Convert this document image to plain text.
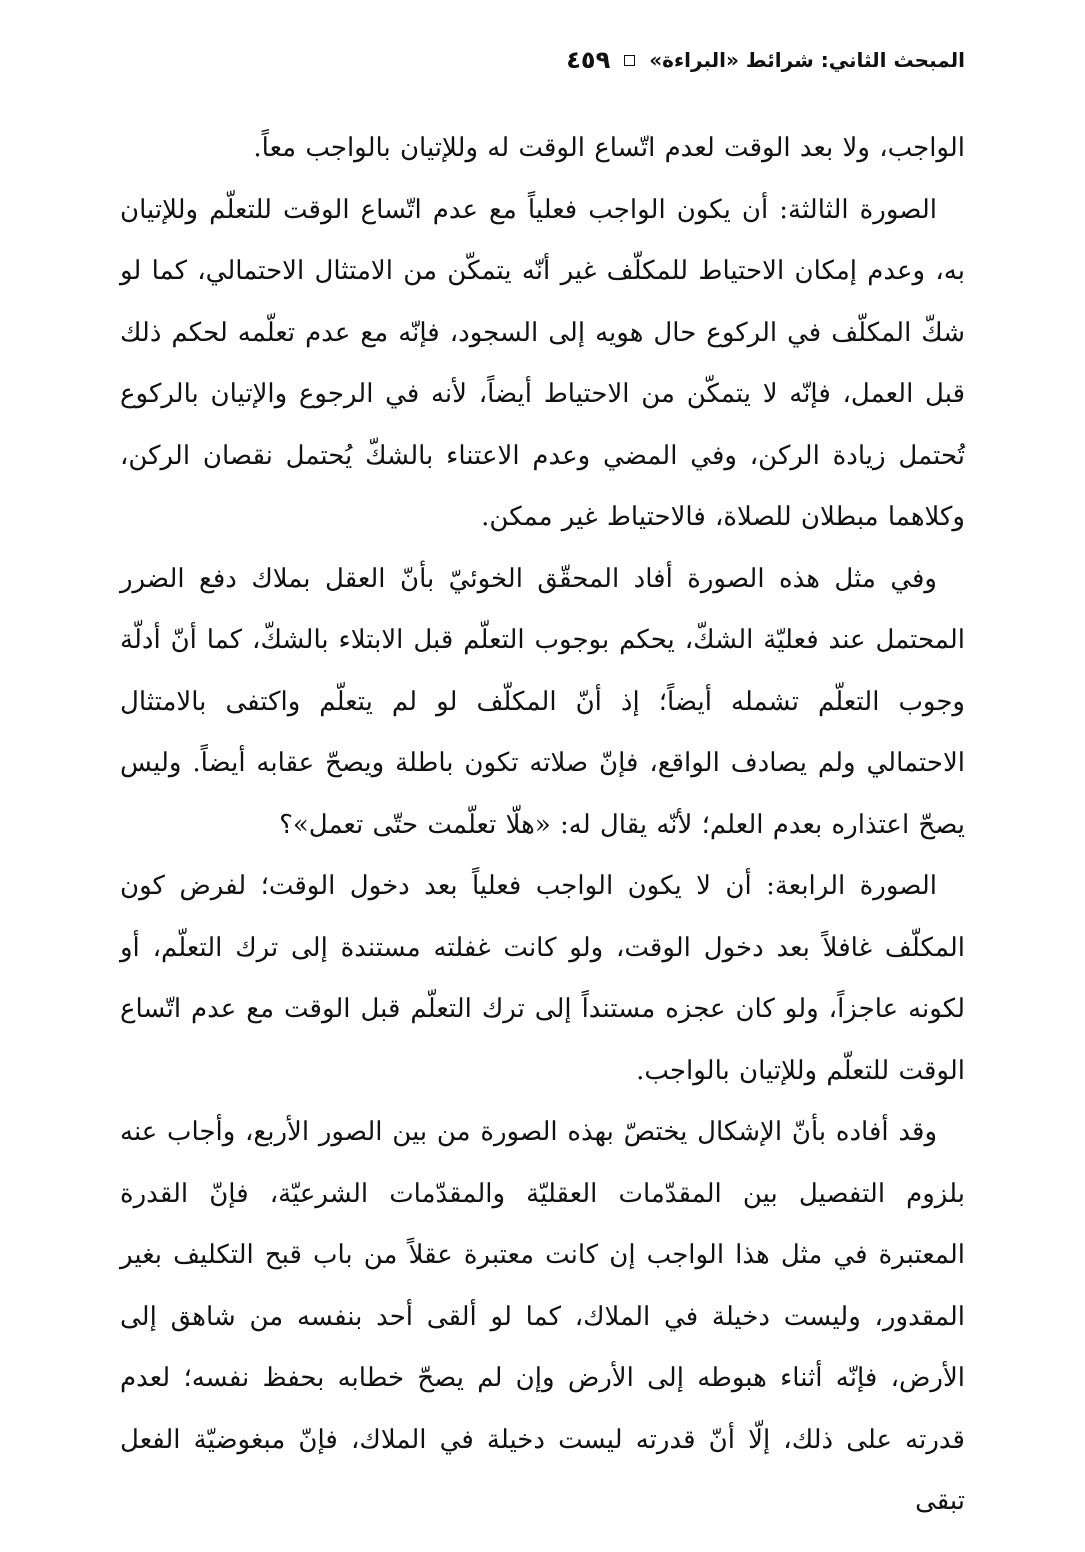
المبحث الثاني: شرائط «البراءة»
٤٥٩

الواجب، ولا بعد الوقت لعدم اتّساع الوقت له وللإتيان بالواجب معاً.

الصورة الثالثة: أن يكون الواجب فعلياً مع عدم اتّساع الوقت للتعلّم وللإتيان به، وعدم إمكان الاحتياط للمكلّف غير أنّه يتمكّن من الامتثال الاحتمالي، كما لو شكّ المكلّف في الركوع حال هويه إلى السجود، فإنّه مع عدم تعلّمه لحكم ذلك قبل العمل، فإنّه لا يتمكّن من الاحتياط أيضاً، لأنه في الرجوع والإتيان بالركوع تُحتمل زيادة الركن، وفي المضي وعدم الاعتناء بالشكّ يُحتمل نقصان الركن، وكلاهما مبطلان للصلاة، فالاحتياط غير ممكن.

وفي مثل هذه الصورة أفاد المحقّق الخوئيّ بأنّ العقل بملاك دفع الضرر المحتمل عند فعليّة الشكّ، يحكم بوجوب التعلّم قبل الابتلاء بالشكّ، كما أنّ أدلّة وجوب التعلّم تشمله أيضاً؛ إذ أنّ المكلّف لو لم يتعلّم واكتفى بالامتثال الاحتمالي ولم يصادف الواقع، فإنّ صلاته تكون باطلة ويصحّ عقابه أيضاً. وليس يصحّ اعتذاره بعدم العلم؛ لأنّه يقال له: «هلّا تعلّمت حتّى تعمل»؟

الصورة الرابعة: أن لا يكون الواجب فعلياً بعد دخول الوقت؛ لفرض كون المكلّف غافلاً بعد دخول الوقت، ولو كانت غفلته مستندة إلى ترك التعلّم، أو لكونه عاجزاً، ولو كان عجزه مستنداً إلى ترك التعلّم قبل الوقت مع عدم اتّساع الوقت للتعلّم وللإتيان بالواجب.

وقد أفاده بأنّ الإشكال يختصّ بهذه الصورة من بين الصور الأربع، وأجاب عنه بلزوم التفصيل بين المقدّمات العقليّة والمقدّمات الشرعيّة، فإنّ القدرة المعتبرة في مثل هذا الواجب إن كانت معتبرة عقلاً من باب قبح التكليف بغير المقدور، وليست دخيلة في الملاك، كما لو ألقى أحد بنفسه من شاهق إلى الأرض، فإنّه أثناء هبوطه إلى الأرض وإن لم يصحّ خطابه بحفظ نفسه؛ لعدم قدرته على ذلك، إلّا أنّ قدرته ليست دخيلة في الملاك، فإنّ مبغوضيّة الفعل تبقى
